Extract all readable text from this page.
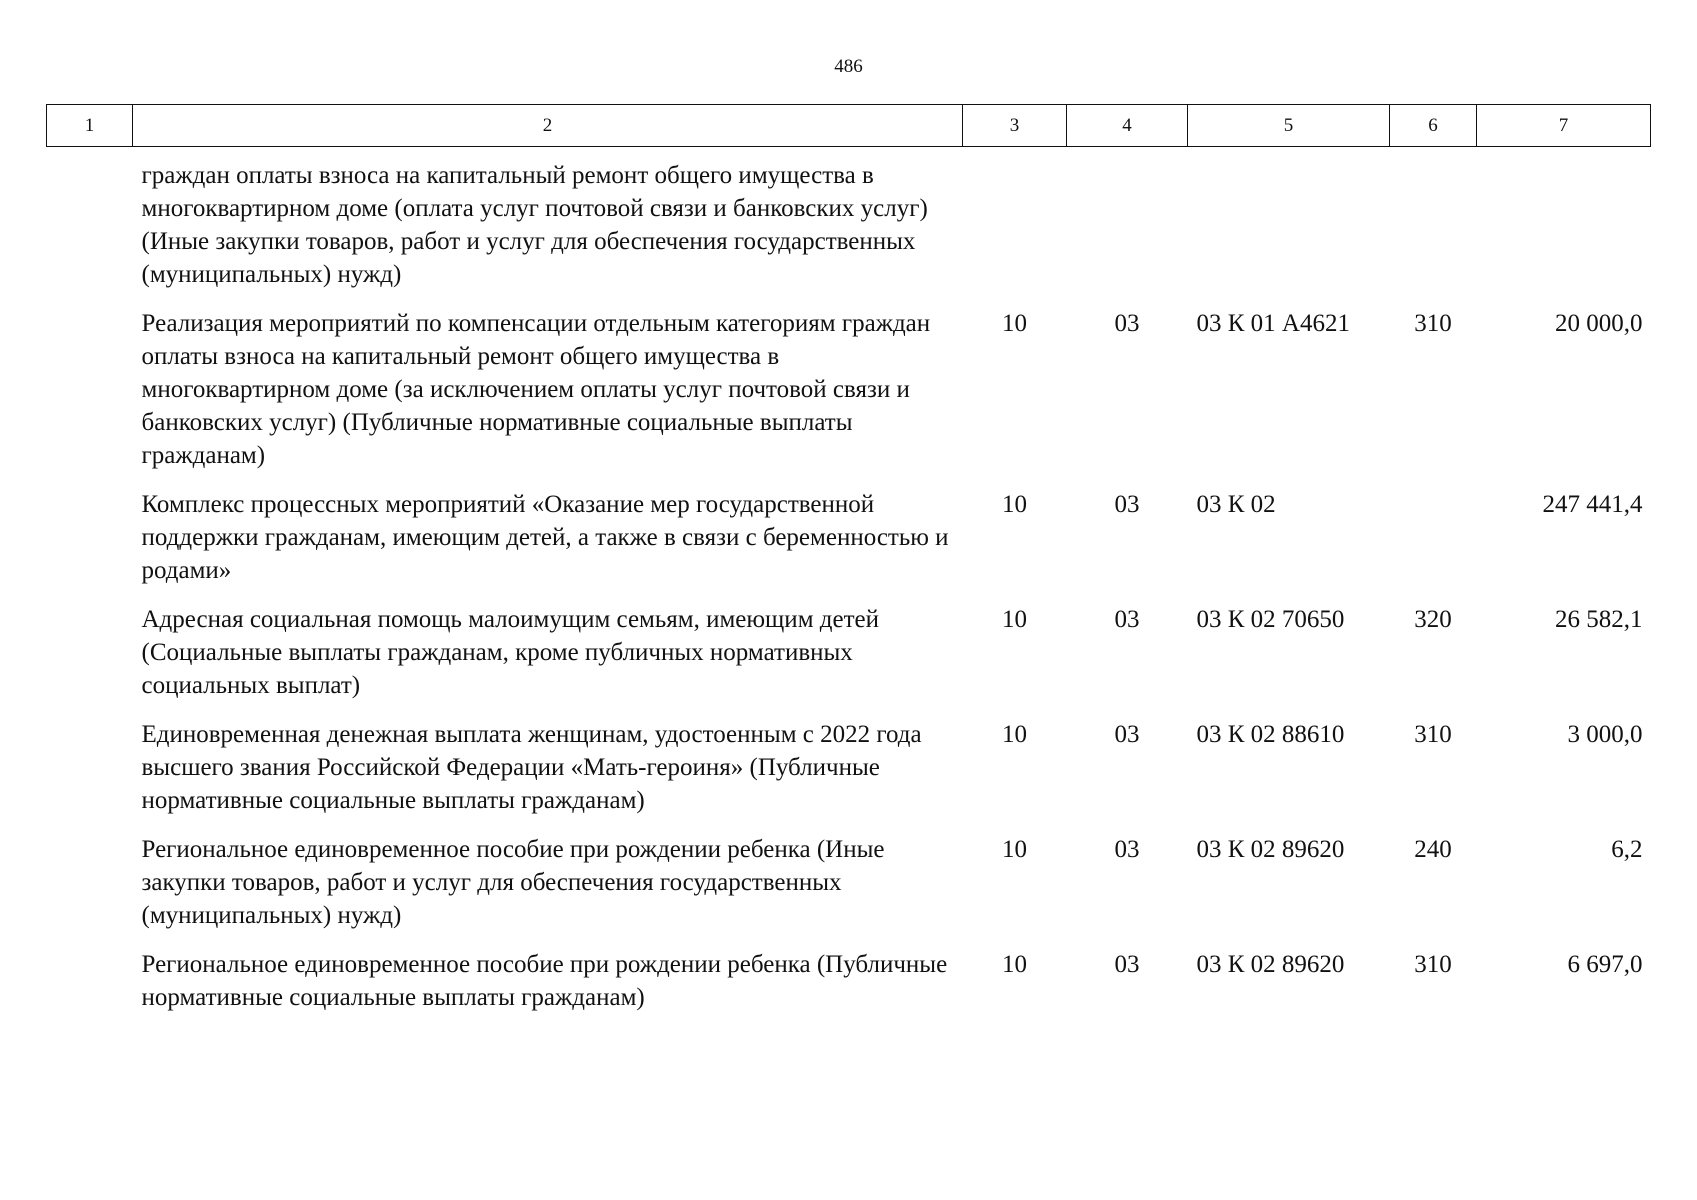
486
1	2	3	4	5	6	7
	граждан оплаты взноса на капитальный ремонт общего имущества в многоквартирном доме (оплата услуг почтовой связи и банковских услуг) (Иные закупки товаров, работ и услуг для обеспечения государственных (муниципальных) нужд)					
	Реализация мероприятий по компенсации отдельным категориям граждан оплаты взноса на капитальный ремонт общего имущества в многоквартирном доме (за исключением оплаты услуг почтовой связи и банковских услуг) (Публичные нормативные социальные выплаты гражданам)	10	03	03 К 01 А4621	310	20 000,0
	Комплекс процессных мероприятий «Оказание мер государственной поддержки гражданам, имеющим детей, а также в связи с беременностью и родами»	10	03	03 К 02		247 441,4
	Адресная социальная помощь малоимущим семьям, имеющим детей (Социальные выплаты гражданам, кроме публичных нормативных социальных выплат)	10	03	03 К 02 70650	320	26 582,1
	Единовременная денежная выплата женщинам, удостоенным с 2022 года высшего звания Российской Федерации «Мать-героиня» (Публичные нормативные социальные выплаты гражданам)	10	03	03 К 02 88610	310	3 000,0
	Региональное единовременное пособие при рождении ребенка (Иные закупки товаров, работ и услуг для обеспечения государственных (муниципальных) нужд)	10	03	03 К 02 89620	240	6,2
	Региональное единовременное пособие при рождении ребенка (Публичные нормативные социальные выплаты гражданам)	10	03	03 К 02 89620	310	6 697,0
